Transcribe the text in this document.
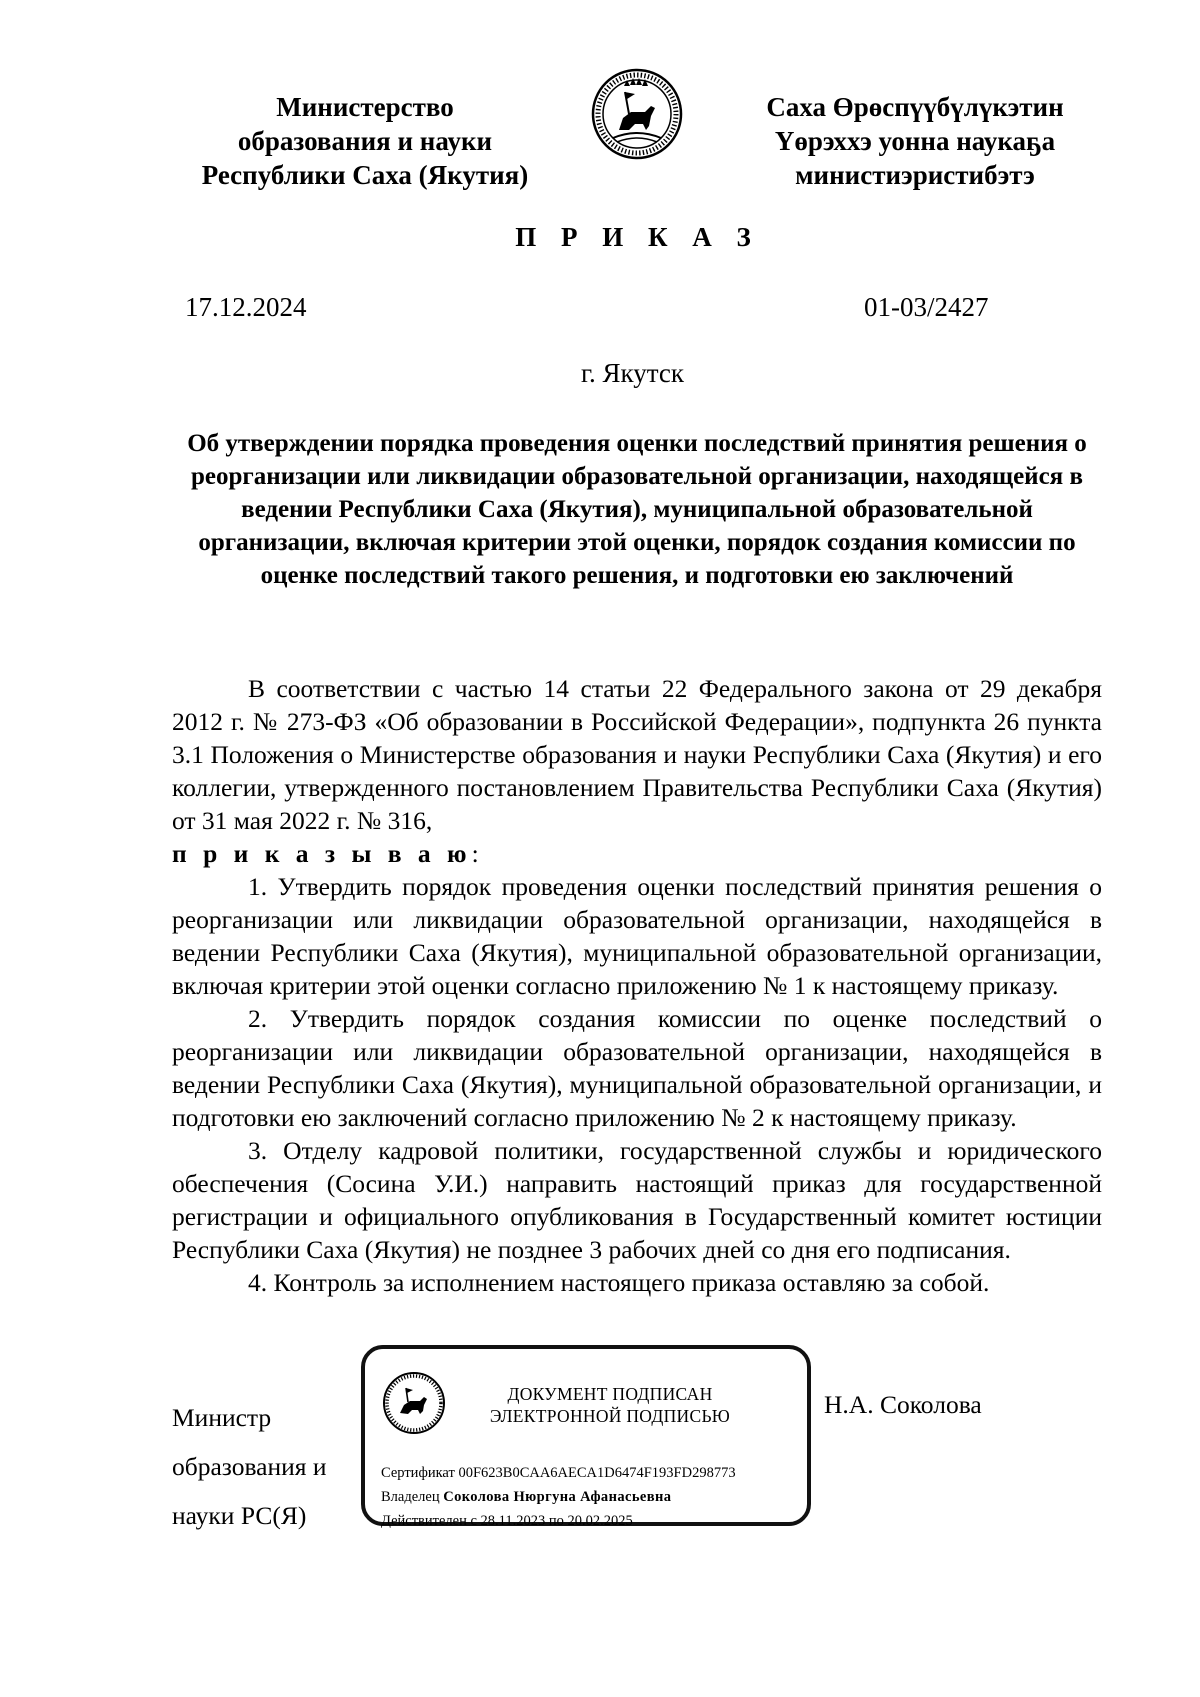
Министерство
образования и науки
Республики Саха (Якутия)
Саха Өрөспүүбүлүкэтин
Үөрэххэ уонна наукаҕа
министиэристибэтэ
П Р И К А З
17.12.2024	01-03/2427
г. Якутск
Об утверждении порядка проведения оценки последствий принятия решения о реорганизации или ликвидации образовательной организации, находящейся в ведении Республики Саха (Якутия), муниципальной образовательной организации, включая критерии этой оценки, порядок создания комиссии по оценке последствий такого решения, и подготовки ею заключений

В соответствии с частью 14 статьи 22 Федерального закона от 29 декабря 2012 г. № 273-ФЗ «Об образовании в Российской Федерации», подпункта 26 пункта 3.1 Положения о Министерстве образования и науки Республики Саха (Якутия) и его коллегии, утвержденного постановлением Правительства Республики Саха (Якутия) от 31 мая 2022 г. № 316,

п р и к а з ы в а ю:

1. Утвердить порядок проведения оценки последствий принятия решения о реорганизации или ликвидации образовательной организации, находящейся в ведении Республики Саха (Якутия), муниципальной образовательной организации, включая критерии этой оценки согласно приложению № 1 к настоящему приказу.

2. Утвердить порядок создания комиссии по оценке последствий о реорганизации или ликвидации образовательной организации, находящейся в ведении Республики Саха (Якутия), муниципальной образовательной организации, и подготовки ею заключений согласно приложению № 2 к настоящему приказу.

3. Отделу кадровой политики, государственной службы и юридического обеспечения (Сосина У.И.) направить настоящий приказ для государственной регистрации и официального опубликования в Государственный комитет юстиции Республики Саха (Якутия) не позднее 3 рабочих дней со дня его подписания.

4. Контроль за исполнением настоящего приказа оставляю за собой.

Министр
образования и
науки РС(Я)
ДОКУМЕНТ ПОДПИСАН
ЭЛЕКТРОННОЙ ПОДПИСЬЮ
Сертификат 00F623B0CAA6AECA1D6474F193FD298773
Владелец Соколова Нюргуна Афанасьевна
Действителен с 28.11.2023 по 20.02.2025
Н.А. Соколова
